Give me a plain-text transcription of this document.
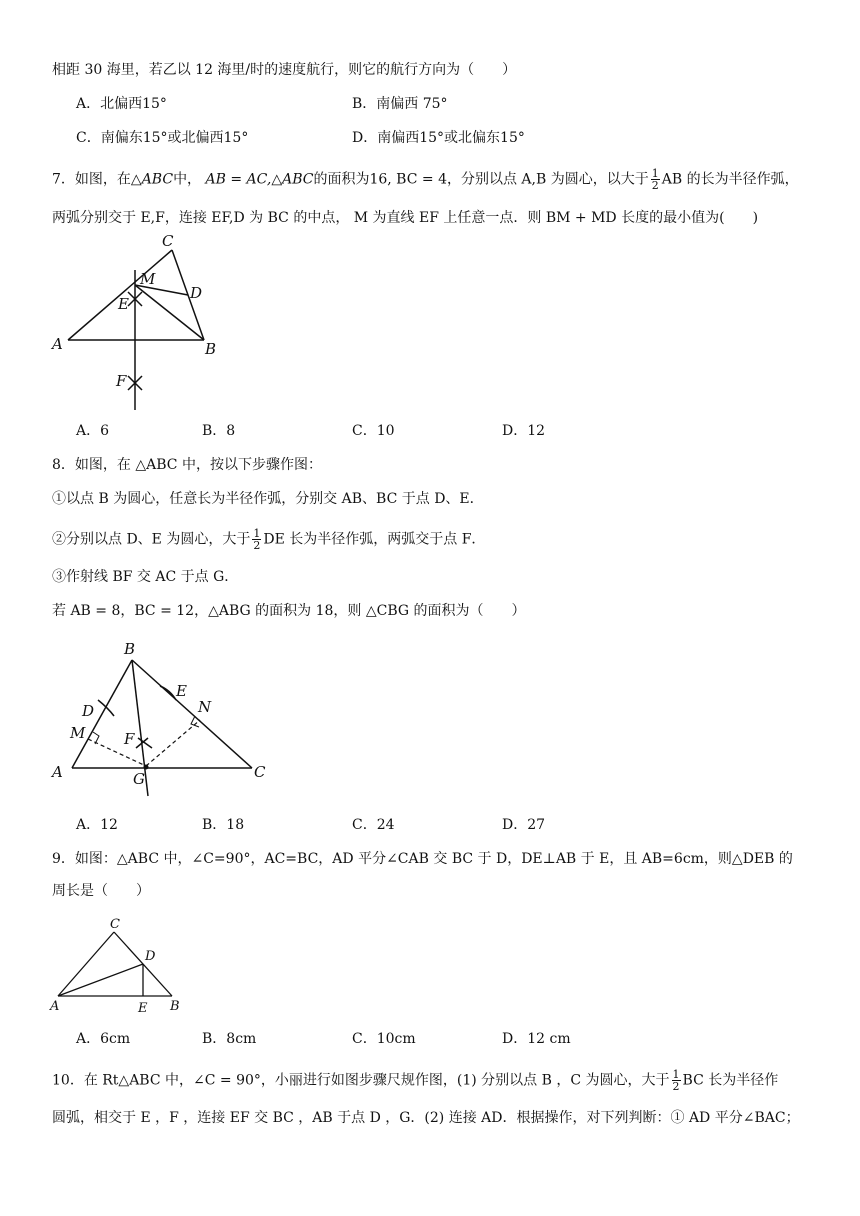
相距 30 海里，若乙以 12 海里/时的速度航行，则它的航行方向为（　　）
A．北偏西15°	B．南偏西 75°
C．南偏东15°或北偏西15°	D．南偏西15°或北偏东15°
7．如图，在△ABC中， AB = AC,△ABC的面积为16, BC = 4，分别以点 A,B 为圆心，以大于 $\frac{1}{2}$ AB 的长为半径作弧，
两弧分别交于 E,F，连接 EF,D 为 BC 的中点， M 为直线 EF 上任意一点．则 BM + MD 长度的最小值为(　　)
C
M
D
E
A	B
F
A．6	B．8	C．10	D．12
8．如图，在 △ABC 中，按以下步骤作图：
①以点 B 为圆心，任意长为半径作弧，分别交 AB、BC 于点 D、E．
②分别以点 D、E 为圆心，大于 $\frac{1}{2}$ DE 长为半径作弧，两弧交于点 F．
③作射线 BF 交 AC 于点 G．
若 AB = 8，BC = 12，△ABG 的面积为 18，则 △CBG 的面积为（　　）
B
E
D	N
M	F
A	G	C
A．12	B．18	C．24	D．27
9．如图：△ABC 中，∠C=90°，AC=BC，AD 平分∠CAB 交 BC 于 D，DE⊥AB 于 E，且 AB=6cm，则△DEB 的
周长是（　　）
C
D
A	E B
A．6cm	B．8cm	C．10cm	D．12 cm
10．在 Rt△ABC 中，∠C = 90°，小丽进行如图步骤尺规作图，(1) 分别以点 B ，C 为圆心，大于 $\frac{1}{2}$ BC 长为半径作
圆弧，相交于 E ，F ，连接 EF 交 BC ，AB 于点 D ，G．(2) 连接 AD．根据操作，对下列判断：① AD 平分∠BAC；
